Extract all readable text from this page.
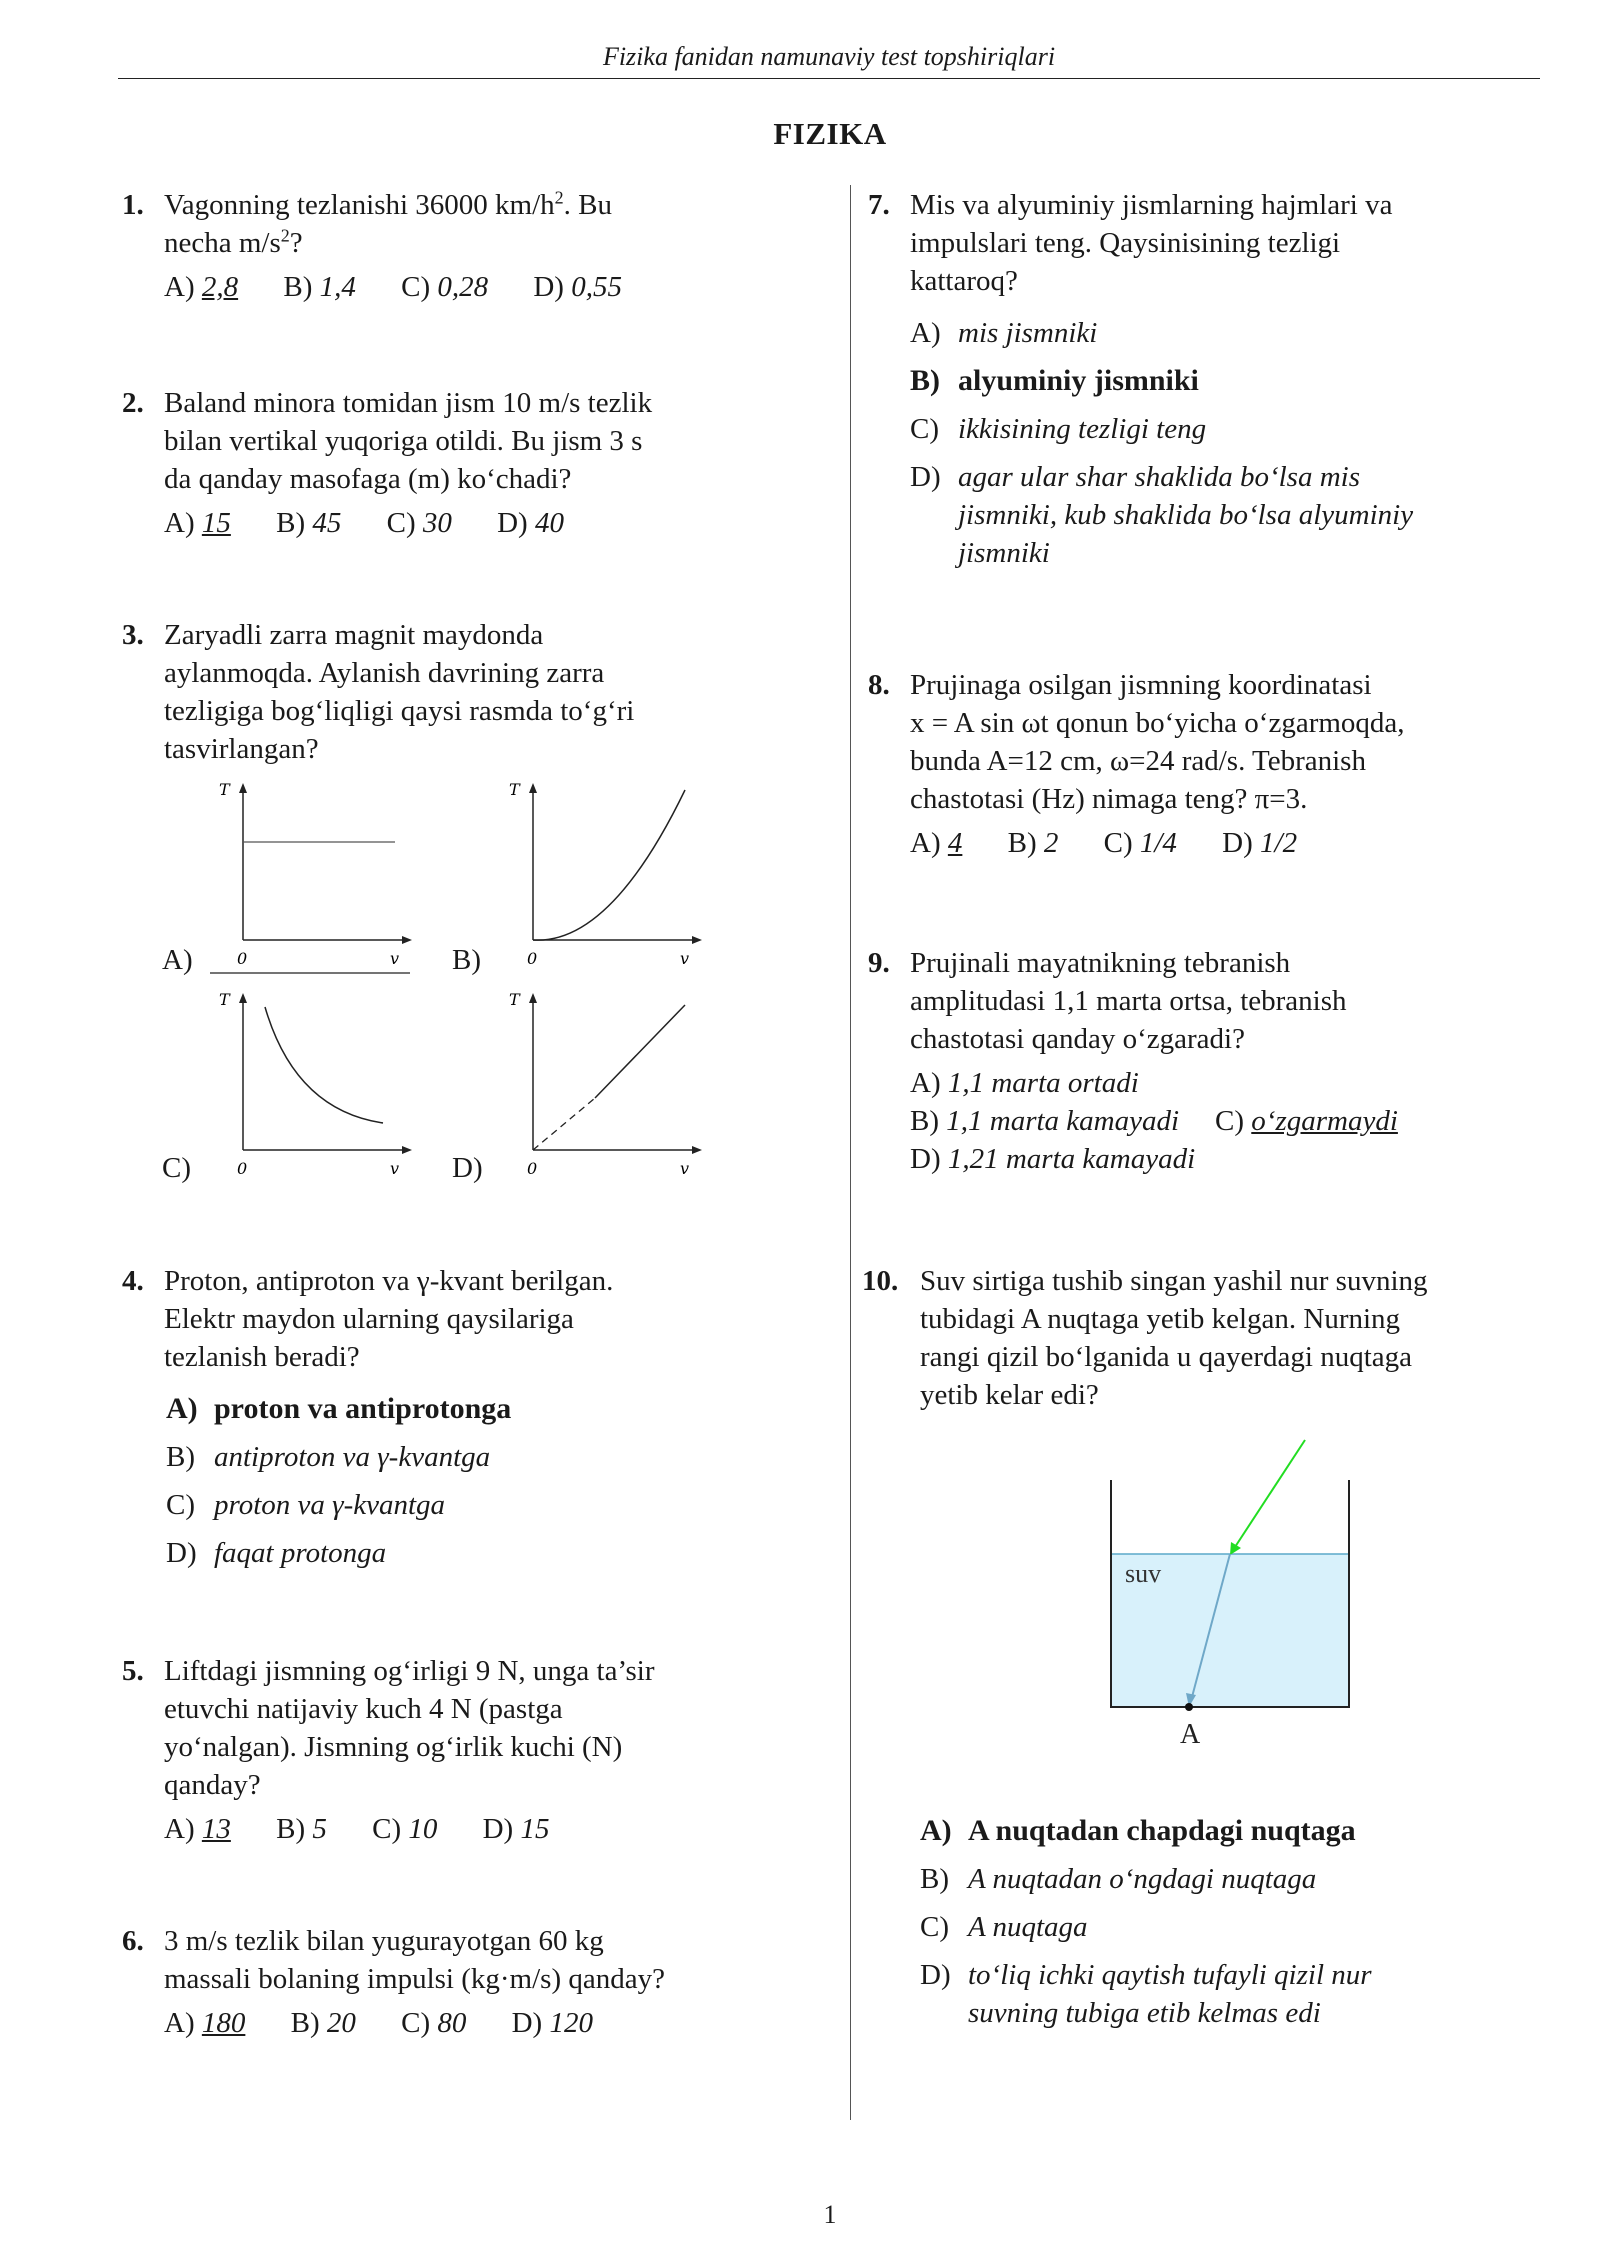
Fizika fanidan namunaviy test topshiriqlari
FIZIKA
1. Vagonning tezlanishi 36000 $km/h^2$. Bu
necha $m/s^2$?
A) 2,8 B) 1,4 C) 0,28 D) 0,55
2. Baland minora tomidan jism 10 m/s tezlik
bilan vertikal yuqoriga otildi. Bu jism 3 s
da qanday masofaga (m) ko‘chadi?
A) 15 B) 45 C) 30 D) 40
3. Zaryadli zarra magnit maydonda
aylanmoqda. Aylanish davrining zarra
tezligiga bog‘liqligi qaysi rasmda to‘g‘ri
tasvirlangan?
A)	B)
C)	D)
T
0	v
T
0	v
T
0	v
T
0	v
4. Proton, antiproton va γ-kvant berilgan.
Elektr maydon ularning qaysilariga
tezlanish beradi?
A) proton va antiprotonga
B) antiproton va γ-kvantga
C) proton va γ-kvantga
D) faqat protonga
5. Liftdagi jismning og‘irligi 9 N, unga ta’sir
etuvchi natijaviy kuch 4 N (pastga
yo‘nalgan). Jismning og‘irlik kuchi (N)
qanday?
A) 13 B) 5 C) 10 D) 15
6. 3 m/s tezlik bilan yugurayotgan 60 kg
massali bolaning impulsi (kg·m/s) qanday?
A) 180 B) 20 C) 80 D) 120
7. Mis va alyuminiy jismlarning hajmlari va
impulslari teng. Qaysinisining tezligi
kattaroq?
A) mis jismniki
B) alyuminiy jismniki
C) ikkisining tezligi teng
D) agar ular shar shaklida bo‘lsa mis
jismniki, kub shaklida bo‘lsa alyuminiy
jismniki
8. Prujinaga osilgan jismning koordinatasi
x = A sin ωt qonun bo‘yicha o‘zgarmoqda,
bunda A=12 cm, ω=24 rad/s. Tebranish
chastotasi (Hz) nimaga teng? π=3.
A) 4 B) 2 C) 1/4 D) 1/2
9. Prujinali mayatnikning tebranish
amplitudasi 1,1 marta ortsa, tebranish
chastotasi qanday o‘zgaradi?
A) 1,1 marta ortadi
B) 1,1 marta kamayadi C) o‘zgarmaydi
D) 1,21 marta kamayadi
10. Suv sirtiga tushib singan yashil nur suvning
tubidagi A nuqtaga yetib kelgan. Nurning
rangi qizil bo‘lganida u qayerdagi nuqtaga
yetib kelar edi?
suv
A
A) A nuqtadan chapdagi nuqtaga
B) A nuqtadan o‘ngdagi nuqtaga
C) A nuqtaga
D) to‘liq ichki qaytish tufayli qizil nur
suvning tubiga etib kelmas edi
1
